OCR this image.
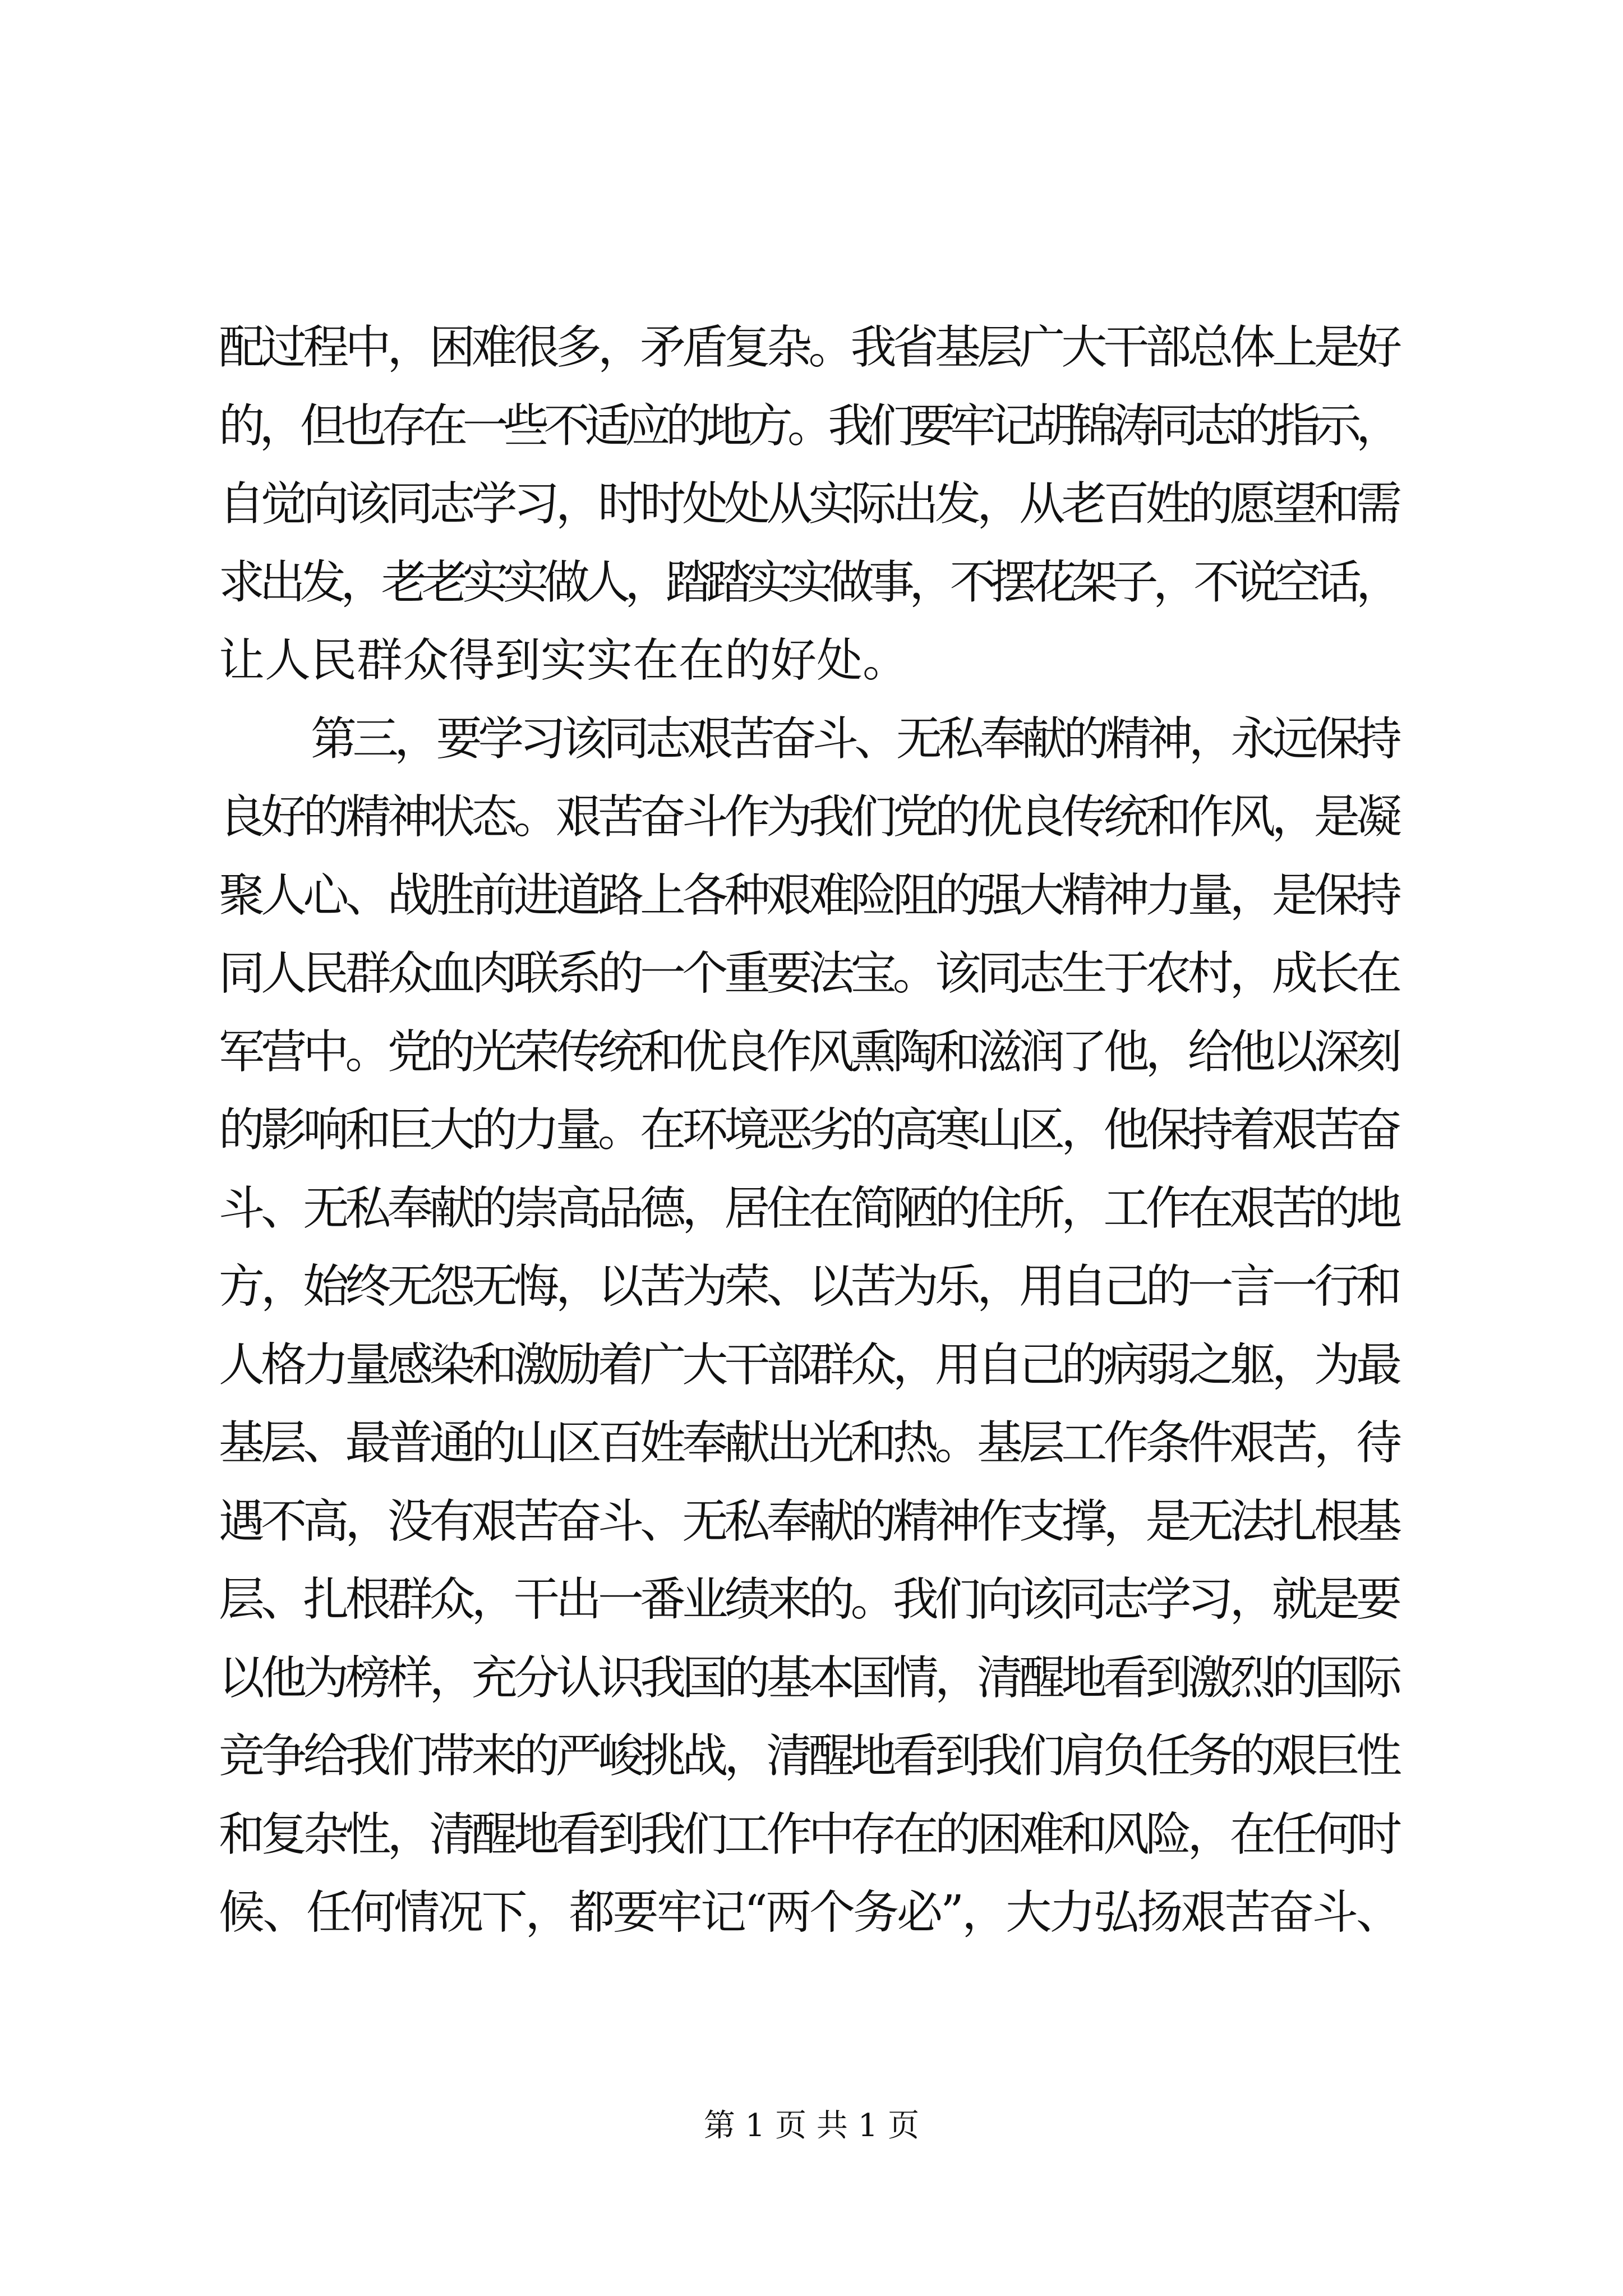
配过程中，困难很多，矛盾复杂。我省基层广大干部总体上是好
的，但也存在一些不适应的地方。我们要牢记胡锦涛同志的指示，
自觉向该同志学习，时时处处从实际出发，从老百姓的愿望和需
求出发，老老实实做人，踏踏实实做事，不摆花架子，不说空话，
让人民群众得到实实在在的好处。
第三，要学习该同志艰苦奋斗、无私奉献的精神，永远保持
良好的精神状态。艰苦奋斗作为我们党的优良传统和作风，是凝
聚人心、战胜前进道路上各种艰难险阻的强大精神力量，是保持
同人民群众血肉联系的一个重要法宝。该同志生于农村，成长在
军营中。党的光荣传统和优良作风熏陶和滋润了他，给他以深刻
的影响和巨大的力量。在环境恶劣的高寒山区，他保持着艰苦奋
斗、无私奉献的崇高品德，居住在简陋的住所，工作在艰苦的地
方，始终无怨无悔，以苦为荣、以苦为乐，用自己的一言一行和
人格力量感染和激励着广大干部群众，用自己的病弱之躯，为最
基层、最普通的山区百姓奉献出光和热。基层工作条件艰苦，待
遇不高，没有艰苦奋斗、无私奉献的精神作支撑，是无法扎根基
层、扎根群众，干出一番业绩来的。我们向该同志学习，就是要
以他为榜样，充分认识我国的基本国情，清醒地看到激烈的国际
竞争给我们带来的严峻挑战，清醒地看到我们肩负任务的艰巨性
和复杂性，清醒地看到我们工作中存在的困难和风险，在任何时
候、任何情况下，都要牢记“两个务必”，大力弘扬艰苦奋斗、
第 1 页 共 1 页
